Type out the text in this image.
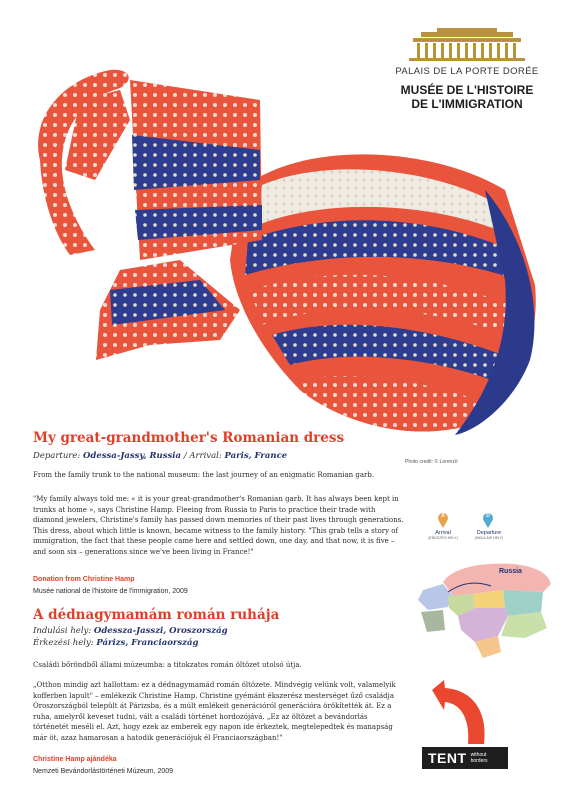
PALAIS DE LA PORTE DORÉE
MUSÉE DE L'HISTOIRE
DE L'IMMIGRATION
Photo credit: © Lorenzö
My great-grandmother's Romanian dress
Departure: Odessa-Jassy, Russia / Arrival: Paris, France
From the family trunk to the national museum: the last journey of an enigmatic Romanian garb.
"My family always told me: « it is your great-grandmother's Romanian garb. It has always been kept in trunks at home », says Christine Hamp. Fleeing from Russia to Paris to practice their trade with diamond jewelers, Christine's family has passed down memories of their past lives through generations. This dress, about which little is known, became witness to the family history. "This grab tells a story of immigration, the fact that these people came here and settled down, one day, and that now, it is five – and soon six – generations since we've been living in France!"
Donation from Christine Hamp
Musée national de l'histoire de l'immigration, 2009
A dédnagymamám román ruhája
Indulási hely: Odessza-Jasszi, Oroszország
Érkezési hely: Párizs, Franciaország
Családi bőröndből állami múzeumba: a titokzatos román öltözet utolsó útja.
„Otthon mindig azt hallottam: ez a dédnagymamád román öltözete. Mindvégig velünk volt, valamelyik kofferben lapult" – emlékezik Christine Hamp. Christine gyémánt ékszerész mesterséget űző családja Oroszországból települt át Párizsba, és a múlt emlékeit generációról generációra örökítették át. Ez a ruha, amelyről keveset tudni, vált a családi történet hordozójává. „Ez az öltözet a bevándorlás történetét meséli el. Azt, hogy ezek az emberek egy napon ide érkeztek, megtelepedtek és manapság már öt, azaz hamarosan a hatodik generációjuk él Franciaországban!"
Christine Hamp ajándéka
Nemzeti Bevándorlástörténeti Múzeum, 2009
Arrival
(ÉRKEZÉSI HELY)
Departure
(INDULÁSI HELY)
A	D
Russia
TENT without
borders
